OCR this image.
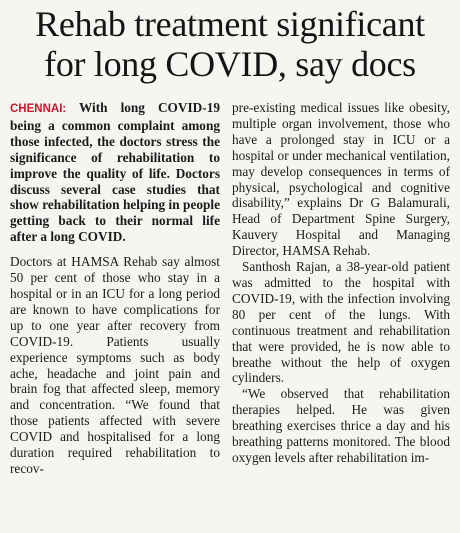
Rehab treatment significant
for long COVID, say docs

CHENNAI: With long COVID-19 being a common complaint among those infected, the doctors stress the significance of rehabilitation to improve the quality of life. Doctors discuss several case studies that show rehabilitation helping in people getting back to their normal life after a long COVID.

Doctors at HAMSA Rehab say almost 50 per cent of those who stay in a hospital or in an ICU for a long period are known to have complications for up to one year after recovery from COVID-19. Patients usually experience symptoms such as body ache, headache and joint pain and brain fog that affected sleep, memory and concentration. “We found that those patients affected with severe COVID and hospitalised for a long duration required rehabilitation to recov-

pre-existing medical issues like obesity, multiple organ involvement, those who have a prolonged stay in ICU or a hospital or under mechanical ventilation, may develop consequences in terms of physical, psychological and cognitive disability,” explains Dr G Balamurali, Head of Department Spine Surgery, Kauvery Hospital and Managing Director, HAMSA Rehab.

Santhosh Rajan, a 38-year-old patient was admitted to the hospital with COVID-19, with the infection involving 80 per cent of the lungs. With continuous treatment and rehabilitation that were provided, he is now able to breathe without the help of oxygen cylinders.

“We observed that rehabilitation therapies helped. He was given breathing exercises thrice a day and his breathing patterns monitored. The blood oxygen levels after rehabilitation im-
